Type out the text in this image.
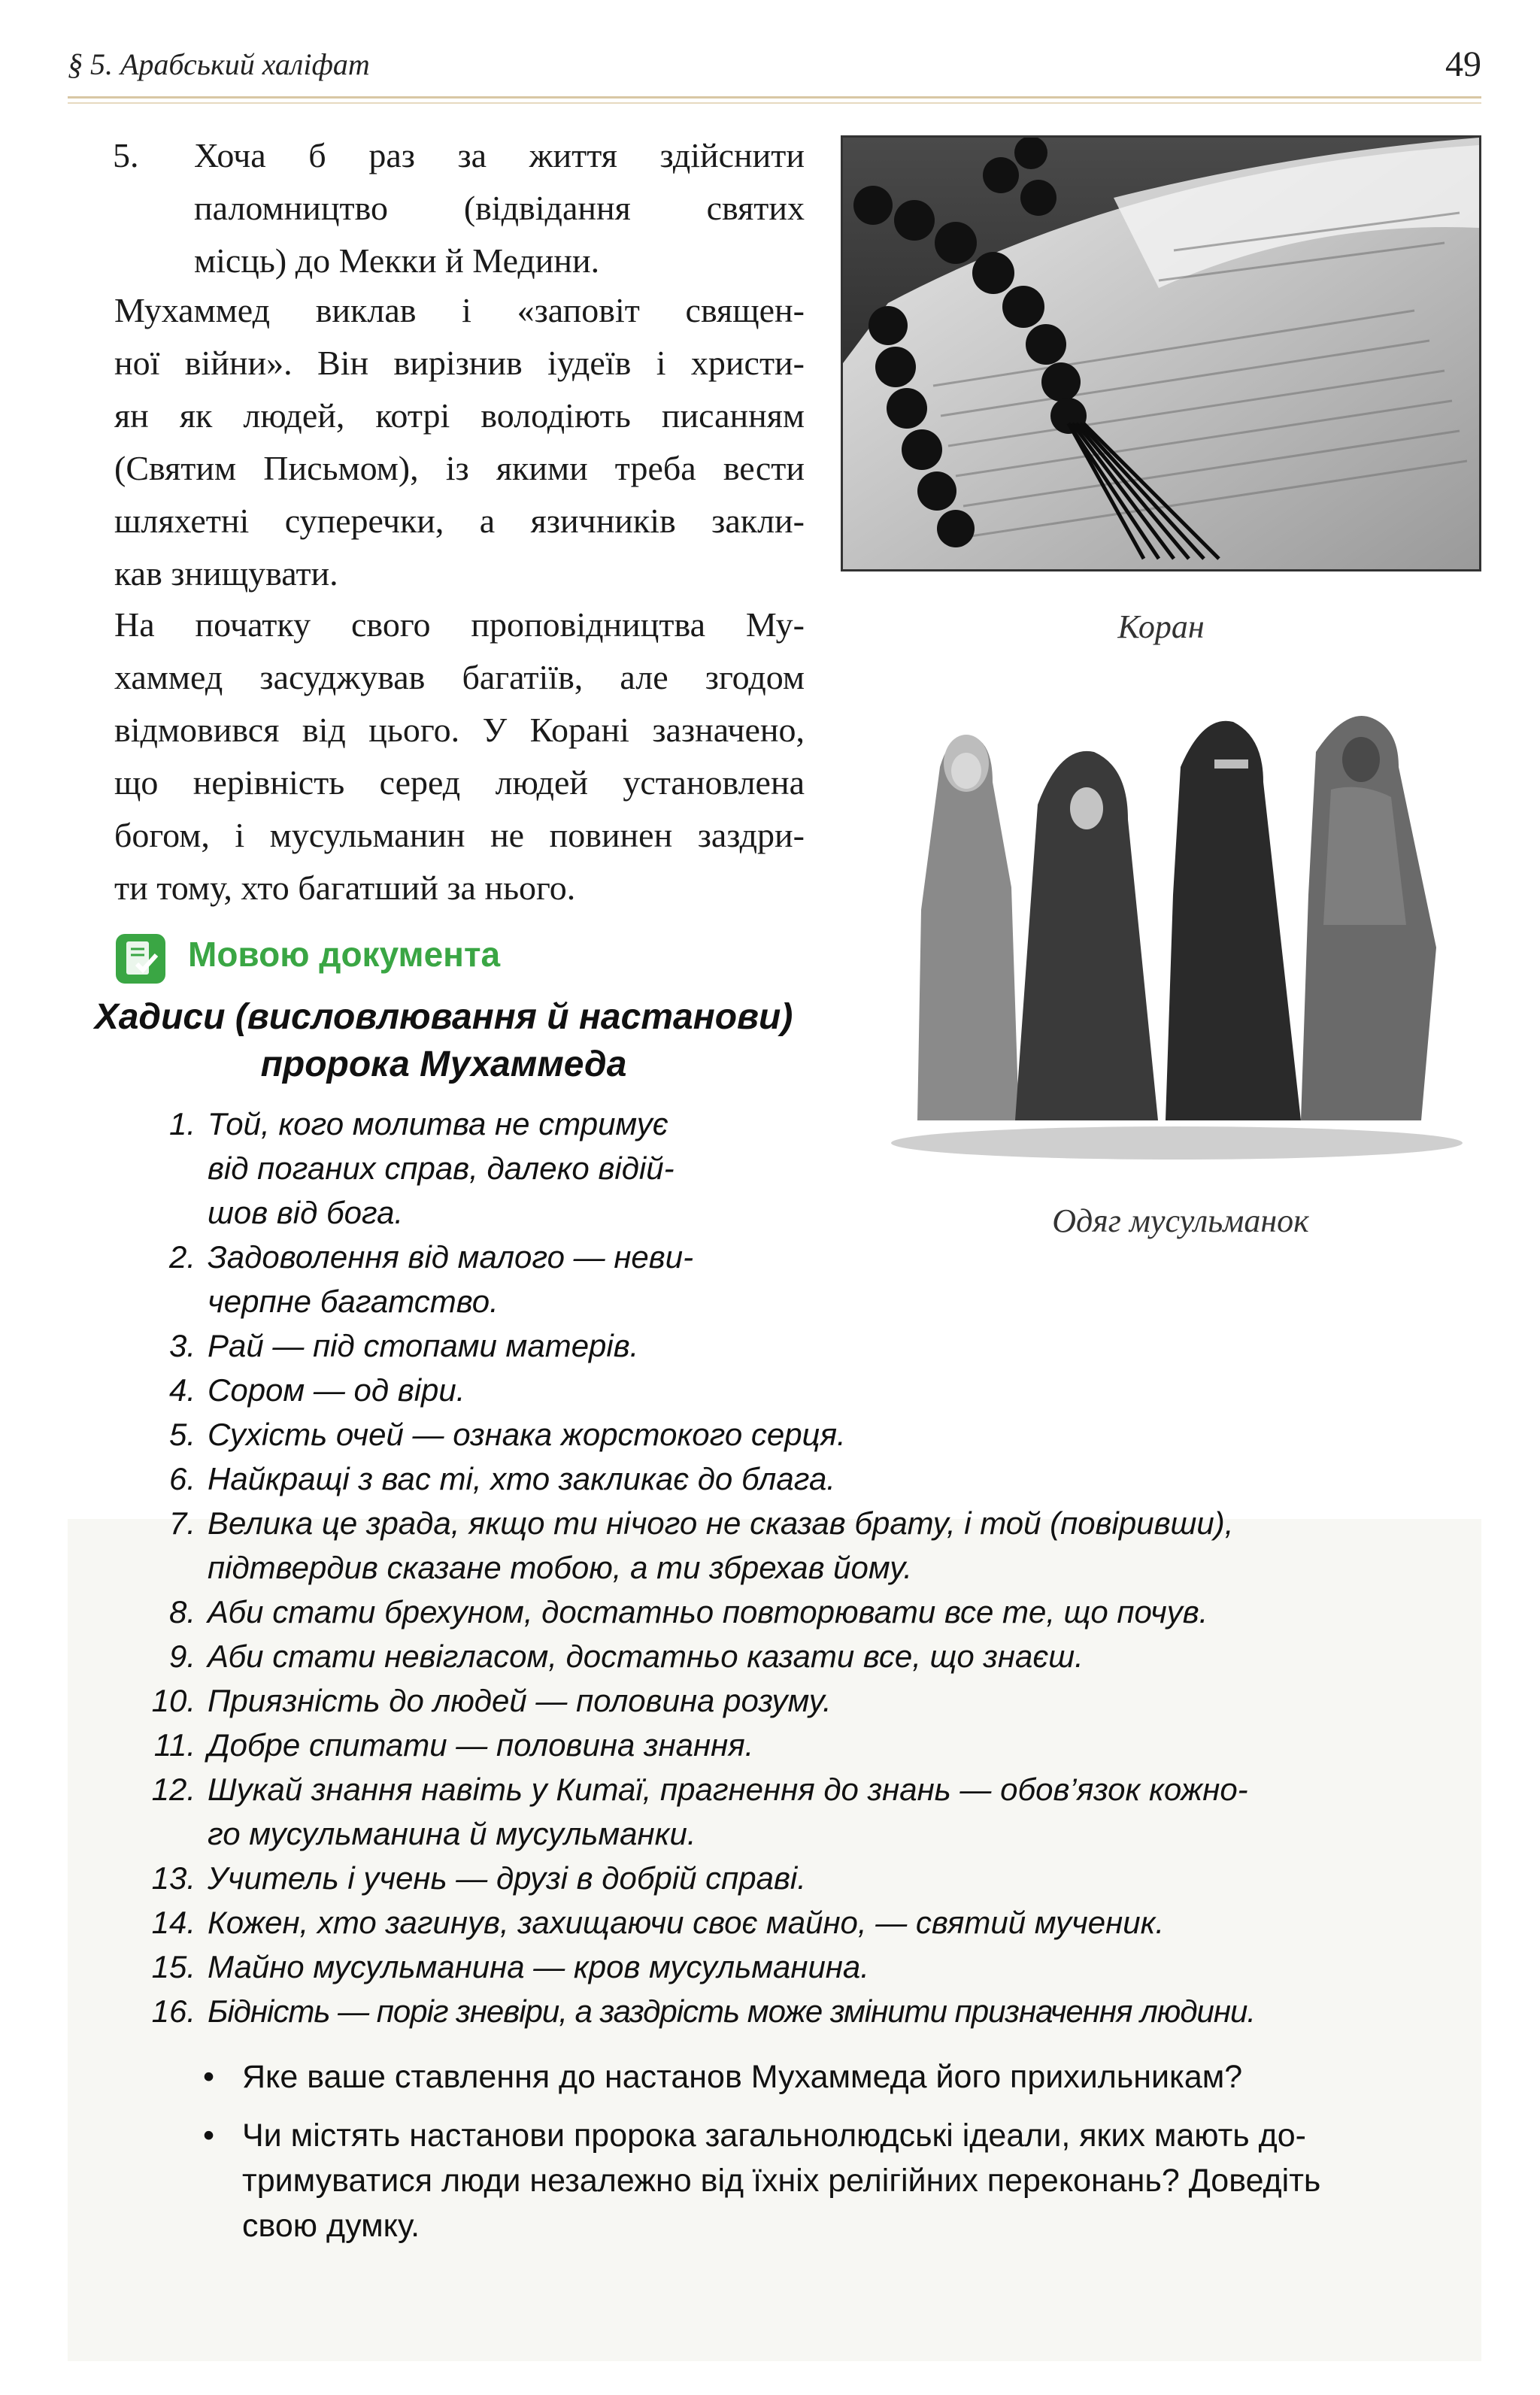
§ 5. Арабський халіфат	49
5. Хоча б раз за життя здійснити
паломництво (відвідання святих
місць) до Мекки й Медини.
Мухаммед виклав і «заповіт священ-
ної війни». Він вирізнив іудеїв і христи-
ян як людей, котрі володіють писанням
(Святим Письмом), із якими треба вести
шляхетні суперечки, а язичників закли-
кав знищувати.
На початку свого проповідництва Му-
хаммед засуджував багатіїв, але згодом
відмовився від цього. У Корані зазначено,
що нерівність серед людей установлена
богом, і мусульманин не повинен заздри-
ти тому, хто багатший за нього.
Коран
Одяг мусульманок
Мовою документа
Хадиси (висловлювання й настанови)
пророка Мухаммеда
1. Той, кого молитва не стримує
від поганих справ, далеко відій-
шов від бога.
2. Задоволення від малого — неви-
черпне багатство.
3. Рай — під стопами матерів.
4. Сором — од віри.
5. Сухість очей — ознака жорстокого серця.
6. Найкращі з вас ті, хто закликає до блага.
7. Велика це зрада, якщо ти нічого не сказав брату, і той (повіривши),
підтвердив сказане тобою, а ти збрехав йому.
8. Аби стати брехуном, достатньо повторювати все те, що почув.
9. Аби стати невігласом, достатньо казати все, що знаєш.
10. Приязність до людей — половина розуму.
11. Добре спитати — половина знання.
12. Шукай знання навіть у Китаї, прагнення до знань — обов’язок кожно-
го мусульманина й мусульманки.
13. Учитель і учень — друзі в добрій справі.
14. Кожен, хто загинув, захищаючи своє майно, — святий мученик.
15. Майно мусульманина — кров мусульманина.
16. Бідність — поріг зневіри, а заздрість може змінити призначення людини.
• Яке ваше ставлення до настанов Мухаммеда його прихильникам?
• Чи містять настанови пророка загальнолюдські ідеали, яких мають до-
тримуватися люди незалежно від їхніх релігійних переконань? Доведіть
свою думку.
